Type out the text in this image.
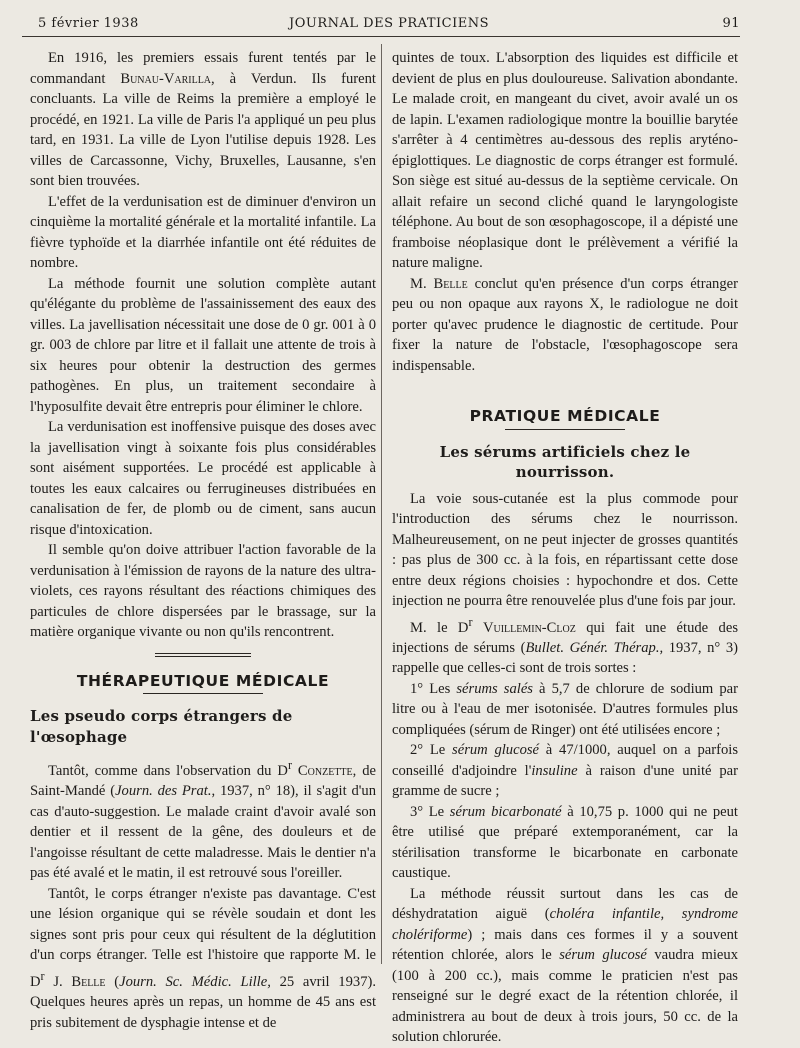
5 février 1938	JOURNAL DES PRATICIENS	91

En 1916, les premiers essais furent tentés par le commandant Bunau-Varilla, à Verdun. Ils furent concluants. La ville de Reims la première a employé le procédé, en 1921. La ville de Paris l'a appliqué un peu plus tard, en 1931. La ville de Lyon l'utilise depuis 1928. Les villes de Carcassonne, Vichy, Bruxelles, Lausanne, s'en sont bien trouvées.

L'effet de la verdunisation est de diminuer d'environ un cinquième la mortalité générale et la mortalité infantile. La fièvre typhoïde et la diarrhée infantile ont été réduites de nombre.

La méthode fournit une solution complète autant qu'élégante du problème de l'assainissement des eaux des villes. La javellisation nécessitait une dose de 0 gr. 001 à 0 gr. 003 de chlore par litre et il fallait une attente de trois à six heures pour obtenir la destruction des germes pathogènes. En plus, un traitement secondaire à l'hyposulfite devait être entrepris pour éliminer le chlore.

La verdunisation est inoffensive puisque des doses avec la javellisation vingt à soixante fois plus considérables sont aisément supportées. Le procédé est applicable à toutes les eaux calcaires ou ferrugineuses distribuées en canalisation de fer, de plomb ou de ciment, sans aucun risque d'intoxication.

Il semble qu'on doive attribuer l'action favorable de la verdunisation à l'émission de rayons de la nature des ultra-violets, ces rayons résultant des réactions chimiques des particules de chlore dispersées par le brassage, sur la matière organique vivante ou non qu'ils rencontrent.

THÉRAPEUTIQUE MÉDICALE

Les pseudo corps étrangers de l'œsophage

Tantôt, comme dans l'observation du $D^r$ Conzette, de Saint-Mandé (Journ. des Prat., 1937, n° 18), il s'agit d'un cas d'auto-suggestion. Le malade craint d'avoir avalé son dentier et il ressent de la gêne, des douleurs et de l'angoisse résultant de cette maladresse. Mais le dentier n'a pas été avalé et le matin, il est retrouvé sous l'oreiller.

Tantôt, le corps étranger n'existe pas davantage. C'est une lésion organique qui se révèle soudain et dont les signes sont pris pour ceux qui résultent de la déglutition d'un corps étranger. Telle est l'histoire que rapporte M. le $D^r$ J. Belle (Journ. Sc. Médic. Lille, 25 avril 1937). Quelques heures après un repas, un homme de 45 ans est pris subitement de dysphagie intense et de

quintes de toux. L'absorption des liquides est difficile et devient de plus en plus douloureuse. Salivation abondante. Le malade croit, en mangeant du civet, avoir avalé un os de lapin. L'examen radiologique montre la bouillie barytée s'arrêter à 4 centimètres au-dessous des replis aryténo-épiglottiques. Le diagnostic de corps étranger est formulé. Son siège est situé au-dessus de la septième cervicale. On allait refaire un second cliché quand le laryngologiste téléphone. Au bout de son œsophagoscope, il a dépisté une framboise néoplasique dont le prélèvement a vérifié la nature maligne.

M. Belle conclut qu'en présence d'un corps étranger peu ou non opaque aux rayons X, le radiologue ne doit porter qu'avec prudence le diagnostic de certitude. Pour fixer la nature de l'obstacle, l'œsophagoscope sera indispensable.

PRATIQUE MÉDICALE

Les sérums artificiels chez le nourrisson.

La voie sous-cutanée est la plus commode pour l'introduction des sérums chez le nourrisson. Malheureusement, on ne peut injecter de grosses quantités : pas plus de 300 cc. à la fois, en répartissant cette dose entre deux régions choisies : hypochondre et dos. Cette injection ne pourra être renouvelée plus d'une fois par jour.

M. le $D^r$ Vuillemin-Cloz qui fait une étude des injections de sérums (Bullet. Génér. Thérap., 1937, n° 3) rappelle que celles-ci sont de trois sortes :

1° Les sérums salés à 5,7 de chlorure de sodium par litre ou à l'eau de mer isotonisée. D'autres formules plus compliquées (sérum de Ringer) ont été utilisées encore ;

2° Le sérum glucosé à 47/1000, auquel on a parfois conseillé d'adjoindre l'insuline à raison d'une unité par gramme de sucre ;

3° Le sérum bicarbonaté à 10,75 p. 1000 qui ne peut être utilisé que préparé extemporanément, car la stérilisation transforme le bicarbonate en carbonate caustique.

La méthode réussit surtout dans les cas de déshydratation aiguë (choléra infantile, syndrome cholériforme) ; mais dans ces formes il y a souvent rétention chlorée, alors le sérum glucosé vaudra mieux (100 à 200 cc.), mais comme le praticien n'est pas renseigné sur le degré exact de la rétention chlorée, il administrera au bout de deux à trois jours, 50 cc. de la solution chlorurée.
